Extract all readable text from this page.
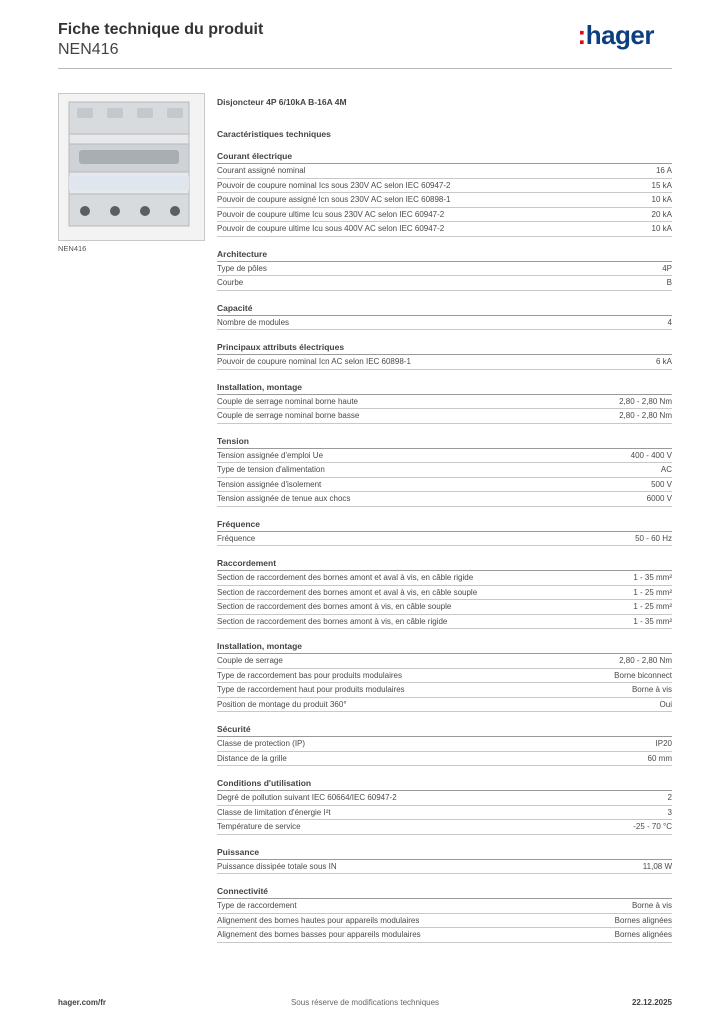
Fiche technique du produit
NEN416	:hager
NEN416
Disjoncteur 4P 6/10kA B-16A 4M
Caractéristiques techniques
Courant électrique
Courant assigné nominal	16 A
Pouvoir de coupure nominal Ics sous 230V AC selon IEC 60947-2	15 kA
Pouvoir de coupure assigné Icn sous 230V AC selon IEC 60898-1	10 kA
Pouvoir de coupure ultime Icu sous 230V AC selon IEC 60947-2	20 kA
Pouvoir de coupure ultime Icu sous 400V AC selon IEC 60947-2	10 kA
Architecture
Type de pôles	4P
Courbe	B
Capacité
Nombre de modules	4
Principaux attributs électriques
Pouvoir de coupure nominal Icn AC selon IEC 60898-1	6 kA
Installation, montage
Couple de serrage nominal borne haute	2,80 - 2,80 Nm
Couple de serrage nominal borne basse	2,80 - 2,80 Nm
Tension
Tension assignée d'emploi Ue	400 - 400 V
Type de tension d'alimentation	AC
Tension assignée d'isolement	500 V
Tension assignée de tenue aux chocs	6000 V
Fréquence
Fréquence	50 - 60 Hz
Raccordement
Section de raccordement des bornes amont et aval à vis, en câble rigide	1 - 35 mm²
Section de raccordement des bornes amont et aval à vis, en câble souple	1 - 25 mm²
Section de raccordement des bornes amont à vis, en câble souple	1 - 25 mm²
Section de raccordement des bornes amont à vis, en câble rigide	1 - 35 mm²
Installation, montage
Couple de serrage	2,80 - 2,80 Nm
Type de raccordement bas pour produits modulaires	Borne biconnect
Type de raccordement haut pour produits modulaires	Borne à vis
Position de montage du produit 360°	Oui
Sécurité
Classe de protection (IP)	IP20
Distance de la grille	60 mm
Conditions d'utilisation
Degré de pollution suivant IEC 60664/IEC 60947-2	2
Classe de limitation d'énergie I²t	3
Température de service	-25 - 70 °C
Puissance
Puissance dissipée totale sous IN	11,08 W
Connectivité
Type de raccordement	Borne à vis
Alignement des bornes hautes pour appareils modulaires	Bornes alignées
Alignement des bornes basses pour appareils modulaires	Bornes alignées
hager.com/fr	Sous réserve de modifications techniques	22.12.2025
